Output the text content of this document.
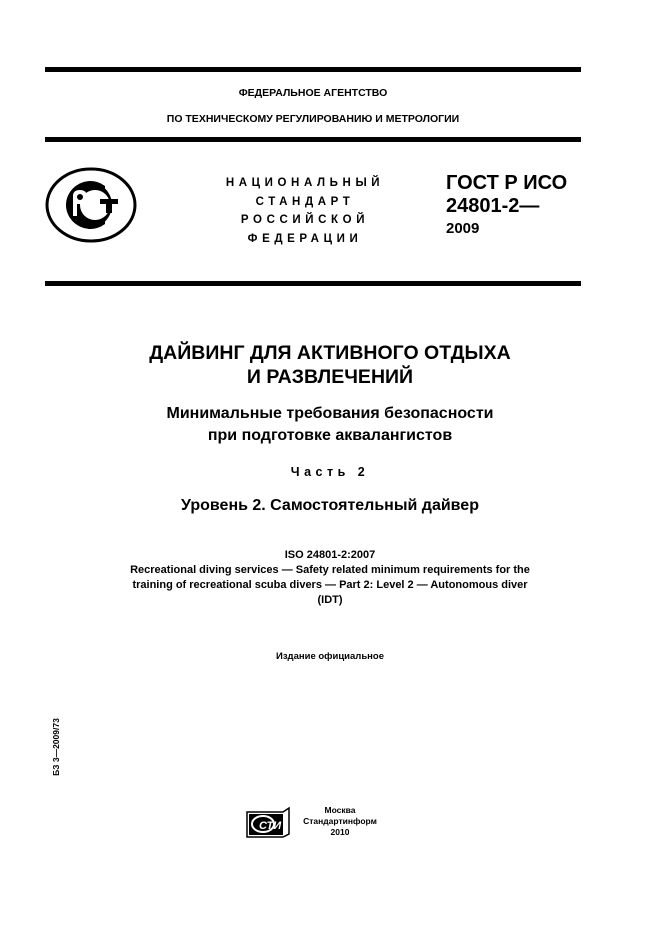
ФЕДЕРАЛЬНОЕ АГЕНТСТВО
ПО ТЕХНИЧЕСКОМУ РЕГУЛИРОВАНИЮ И МЕТРОЛОГИИ
НАЦИОНАЛЬНЫЙ
СТАНДАРТ
РОССИЙСКОЙ
ФЕДЕРАЦИИ
ГОСТ Р ИСО
24801-2—
2009
ДАЙВИНГ ДЛЯ АКТИВНОГО ОТДЫХА
И РАЗВЛЕЧЕНИЙ
Минимальные требования безопасности
при подготовке аквалангистов
Часть 2
Уровень 2. Самостоятельный дайвер
ISO 24801-2:2007
Recreational diving services — Safety related minimum requirements for the
training of recreational scuba divers — Part 2: Level 2 — Autonomous diver
(IDT)
Издание официальное
БЗ 3—2009/73
СТИ
Москва
Стандартинформ
2010
